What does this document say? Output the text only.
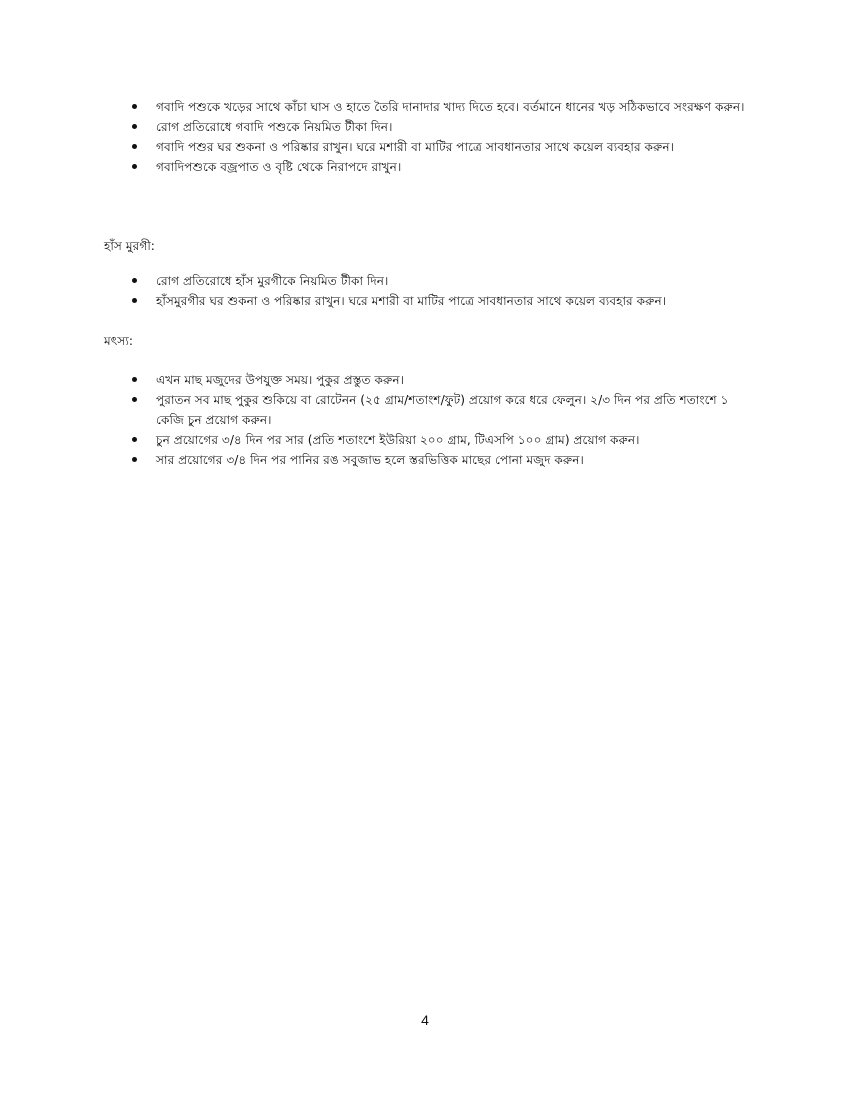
গবাদি পশুকে খড়ের সাথে কাঁচা ঘাস ও হাতে তৈরি দানাদার খাদ্য দিতে হবে। বর্তমানে ধানের খড় সঠিকভাবে সংরক্ষণ করুন।
রোগ প্রতিরোধে গবাদি পশুকে নিয়মিত টীকা দিন।
গবাদি পশুর ঘর শুকনা ও পরিষ্কার রাখুন। ঘরে মশারী বা মাটির পাত্রে সাবধানতার সাথে কয়েল ব্যবহার করুন।
গবাদিপশুকে বজ্রপাত ও বৃষ্টি থেকে নিরাপদে রাখুন।
হাঁস মুরগী:
রোগ প্রতিরোধে হাঁস মুরগীকে নিয়মিত টীকা দিন।
হাঁসমুরগীর ঘর শুকনা ও পরিষ্কার রাখুন। ঘরে মশারী বা মাটির পাত্রে সাবধানতার সাথে কয়েল ব্যবহার করুন।
মৎস্য:
এখন মাছ মজুদের উপযুক্ত সময়। পুকুর প্রস্তুত করুন।
পুরাতন সব মাছ পুকুর শুকিয়ে বা রোটেনন (২৫ গ্রাম/শতাংশ/ফুট) প্রয়োগ করে ধরে ফেলুন। ২/৩ দিন পর প্রতি শতাংশে ১ কেজি চুন প্রয়োগ করুন।
চুন প্রয়োগের ৩/৪ দিন পর সার (প্রতি শতাংশে ইউরিয়া ২০০ গ্রাম, টিএসপি ১০০ গ্রাম) প্রয়োগ করুন।
সার প্রয়োগের ৩/৪ দিন পর পানির রঙ সবুজাভ হলে স্তরভিত্তিক মাছের পোনা মজুদ করুন।
4
